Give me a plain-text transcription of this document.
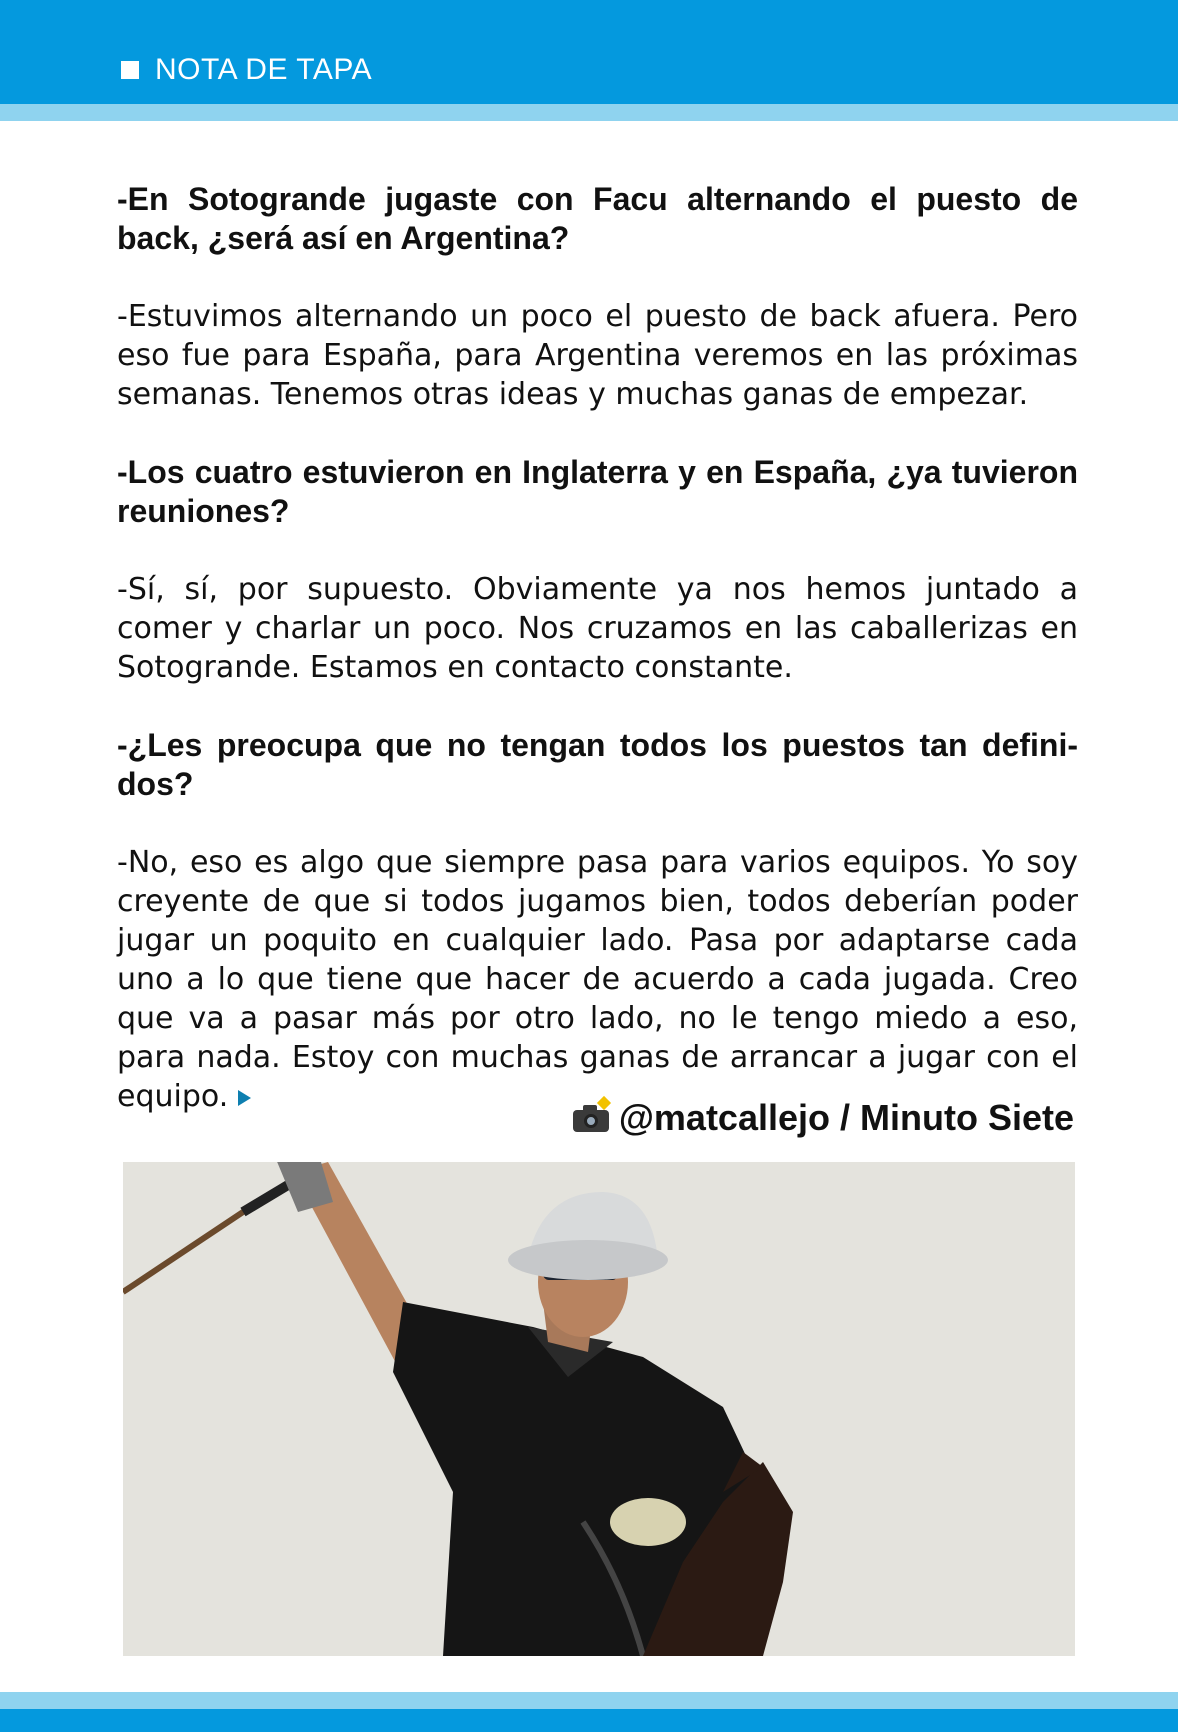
NOTA DE TAPA

-En Sotogrande jugaste con Facu alternando el puesto de back, ¿será así en Argentina?

-Estuvimos alternando un poco el puesto de back afuera. Pero eso fue para España, para Argentina veremos en las próximas semanas. Tenemos otras ideas y muchas ganas de empezar.

-Los cuatro estuvieron en Inglaterra y en España, ¿ya tuvieron reuniones?

-Sí, sí, por supuesto. Obviamente ya nos hemos juntado a comer y charlar un poco. Nos cruzamos en las caballerizas en Sotogrande. Estamos en contacto constante.

-¿Les preocupa que no tengan todos los puestos tan defini-dos?

-No, eso es algo que siempre pasa para varios equipos. Yo soy creyente de que si todos jugamos bien, todos deberían poder jugar un poquito en cualquier lado. Pasa por adaptarse cada uno a lo que tiene que hacer de acuerdo a cada jugada. Creo que va a pasar más por otro lado, no le tengo miedo a eso, para nada. Estoy con muchas ganas de arrancar a jugar con el equipo.

@matcallejo / Minuto Siete
